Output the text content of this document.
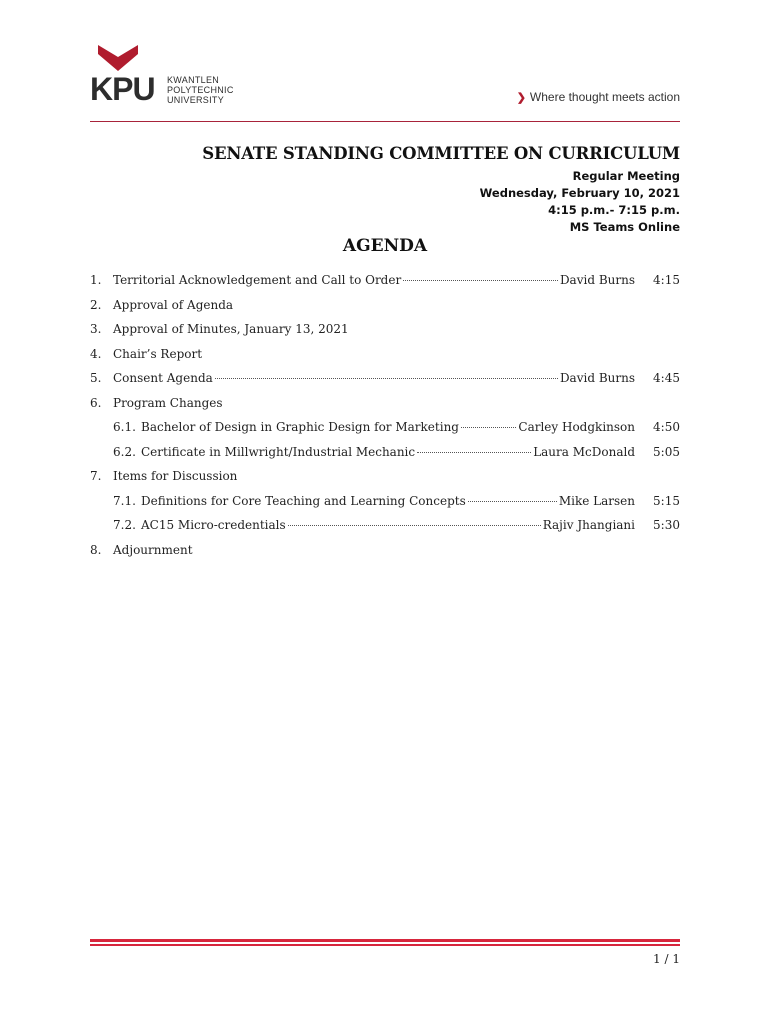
KPU KWANTLEN
POLYTECHNIC
UNIVERSITY	❯ Where thought meets action
SENATE STANDING COMMITTEE ON CURRICULUM
Regular Meeting
Wednesday, February 10, 2021
4:15 p.m.- 7:15 p.m.
MS Teams Online
AGENDA
1. Territorial Acknowledgement and Call to Order	David Burns	4:15
2. Approval of Agenda
3. Approval of Minutes, January 13, 2021
4. Chair’s Report
5. Consent Agenda	David Burns	4:45
6. Program Changes
6.1. Bachelor of Design in Graphic Design for Marketing	Carley Hodgkinson	4:50
6.2. Certificate in Millwright/Industrial Mechanic	Laura McDonald	5:05
7. Items for Discussion
7.1. Definitions for Core Teaching and Learning Concepts	Mike Larsen	5:15
7.2. AC15 Micro-credentials	Rajiv Jhangiani	5:30
8. Adjournment
1 / 1
